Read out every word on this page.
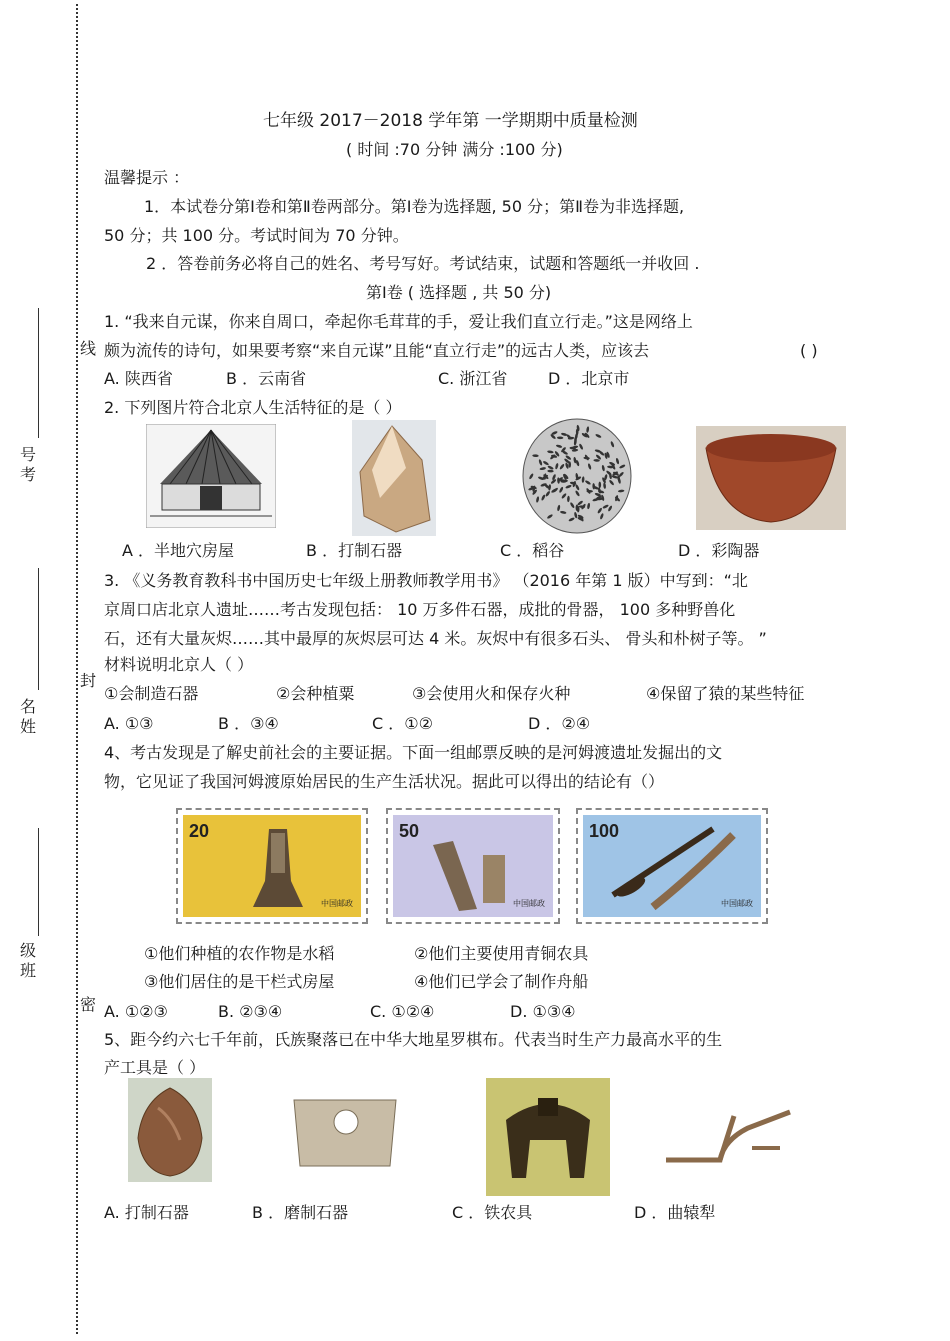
号
考
名
姓
级
班
线
封
密
七年级 2017－2018 学年第 一学期期中质量检测
( 时间 :70 分钟 满分 :100 分)
温馨提示 ：
1．本试卷分第Ⅰ卷和第Ⅱ卷两部分。第Ⅰ卷为选择题, 50 分；第Ⅱ卷为非选择题,
50 分；共 100 分。考试时间为 70 分钟。
2 ．答卷前务必将自己的姓名、考号写好。考试结束，试题和答题纸一并收回 .
第Ⅰ卷 ( 选择题 , 共 50 分)
1. “我来自元谋，你来自周口，牵起你毛茸茸的手，爱让我们直立行走。”这是网络上
颇为流传的诗句，如果要考察“来自元谋”且能“直立行走”的远古人类，应该去	( )
A. 陕西省	B ．云南省	C. 浙江省	D ．北京市
2. 下列图片符合北京人生活特征的是（ ）
A ．半地穴房屋	B ．打制石器	C ．稻谷	D ．彩陶器
3. 《义务教育教科书中国历史七年级上册教师教学用书》 （2016 年第 1 版）中写到：“北
京周口店北京人遗址……考古发现包括： 10 万多件石器，成批的骨器， 100 多种野兽化
石，还有大量灰烬……其中最厚的灰烬层可达 4 米。灰烬中有很多石头、 骨头和朴树子等。 ”
材料说明北京人（ ）
①会制造石器	②会种植粟	③会使用火和保存火种	④保留了猿的某些特征
A. ①③	B ．③④	C ．①②	D ．②④
4、考古发现是了解史前社会的主要证据。下面一组邮票反映的是河姆渡遗址发掘出的文
物，它见证了我国河姆渡原始居民的生产生活状况。据此可以得出的结论有（）
20
中国邮政
50
中国邮政
100
中国邮政
①他们种植的农作物是水稻	②他们主要使用青铜农具
③他们居住的是干栏式房屋	④他们已学会了制作舟船
A. ①②③	B. ②③④	C. ①②④	D. ①③④
5、距今约六七千年前，氏族聚落已在中华大地星罗棋布。代表当时生产力最高水平的生
产工具是（ ）
A. 打制石器	B ．磨制石器	C ．铁农具	D ．曲辕犁
